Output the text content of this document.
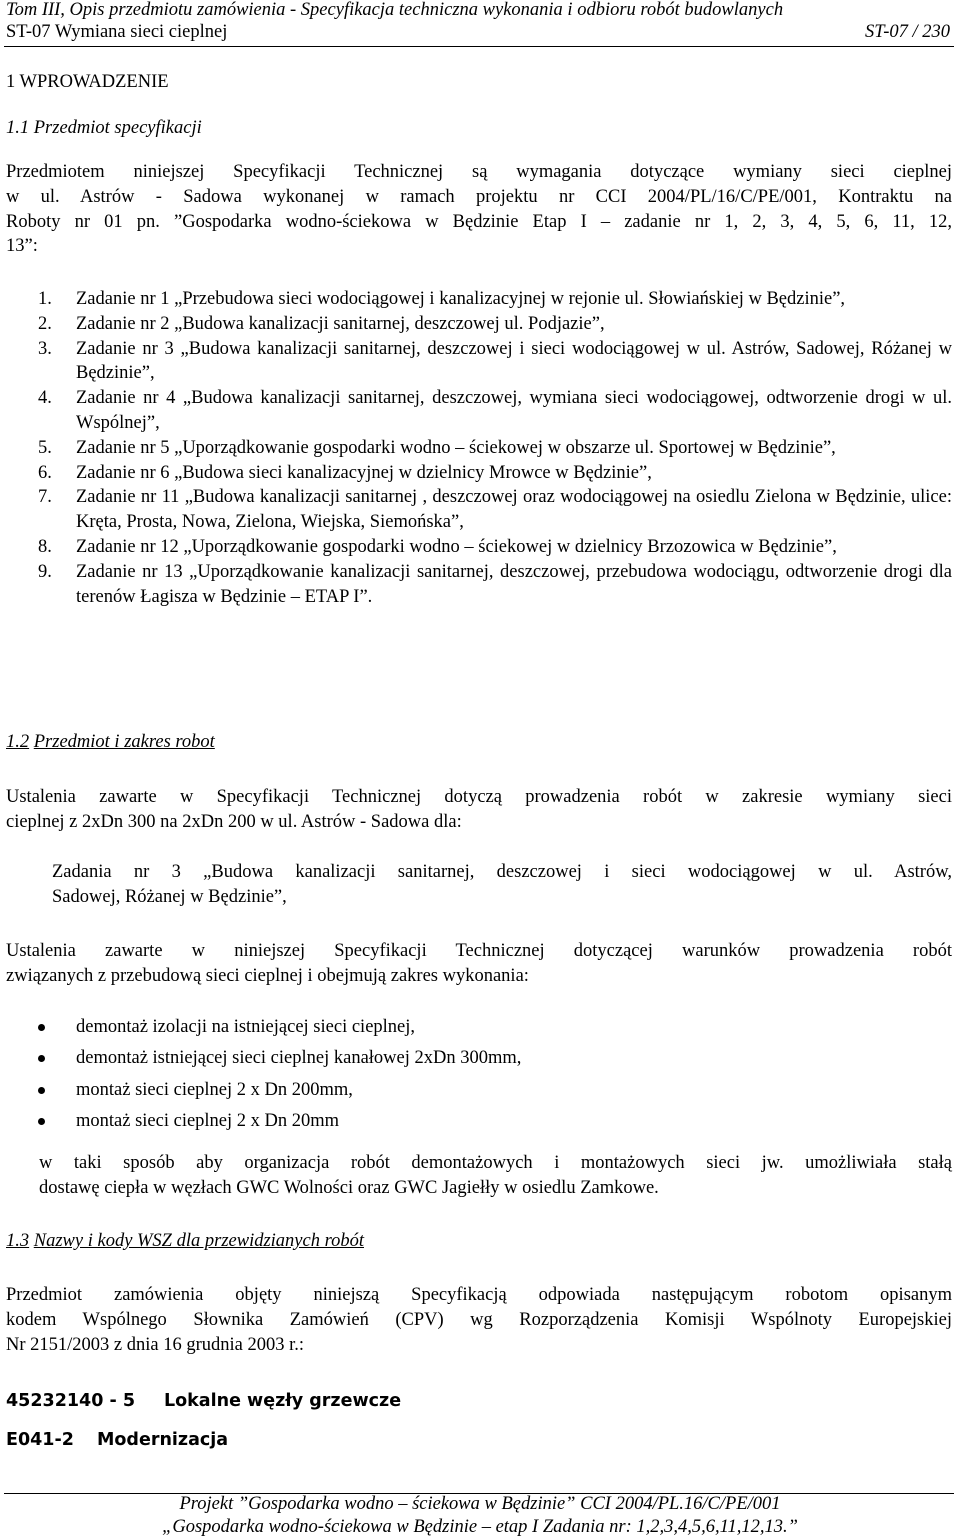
Tom III, Opis przedmiotu zamówienia - Specyfikacja techniczna wykonania i odbioru robót budowlanych
ST-07 Wymiana sieci cieplnej	ST-07 / 230
1 WPROWADZENIE
1.1 Przedmiot specyfikacji
Przedmiotem niniejszej Specyfikacji Technicznej są wymagania dotyczące wymiany sieci cieplnej
w ul. Astrów - Sadowa wykonanej w ramach projektu nr CCI 2004/PL/16/C/PE/001, Kontraktu na
Roboty nr 01 pn. ”Gospodarka wodno-ściekowa w Będzinie Etap I – zadanie nr 1, 2, 3, 4, 5, 6, 11, 12,
13”:
1. Zadanie nr 1 „Przebudowa sieci wodociągowej i kanalizacyjnej w rejonie ul. Słowiańskiej w Będzinie”,
2. Zadanie nr 2 „Budowa kanalizacji sanitarnej, deszczowej ul. Podjazie”,
3. Zadanie nr 3 „Budowa kanalizacji sanitarnej, deszczowej i sieci wodociągowej w ul. Astrów, Sadowej, Różanej w Będzinie”,
4. Zadanie nr 4 „Budowa kanalizacji sanitarnej, deszczowej, wymiana sieci wodociągowej, odtworzenie drogi w ul. Wspólnej”,
5. Zadanie nr 5 „Uporządkowanie gospodarki wodno – ściekowej w obszarze ul. Sportowej w Będzinie”,
6. Zadanie nr 6 „Budowa sieci kanalizacyjnej w dzielnicy Mrowce w Będzinie”,
7. Zadanie nr 11 „Budowa kanalizacji sanitarnej , deszczowej oraz wodociągowej na osiedlu Zielona w Będzinie, ulice: Kręta, Prosta, Nowa, Zielona, Wiejska, Siemońska”,
8. Zadanie nr 12 „Uporządkowanie gospodarki wodno – ściekowej w dzielnicy Brzozowica w Będzinie”,
9. Zadanie nr 13 „Uporządkowanie kanalizacji sanitarnej, deszczowej, przebudowa wodociągu, odtworzenie drogi dla terenów Łagisza w Będzinie – ETAP I”.
1.2 Przedmiot i zakres robot
Ustalenia zawarte w Specyfikacji Technicznej dotyczą prowadzenia robót w zakresie wymiany sieci
cieplnej z 2xDn 300 na 2xDn 200 w ul. Astrów - Sadowa dla:
Zadania nr 3 „Budowa kanalizacji sanitarnej, deszczowej i sieci wodociągowej w ul. Astrów,
Sadowej, Różanej w Będzinie”,
Ustalenia zawarte w niniejszej Specyfikacji Technicznej dotyczącej warunków prowadzenia robót
związanych z przebudową sieci cieplnej i obejmują zakres wykonania:
demontaż izolacji na istniejącej sieci cieplnej,
demontaż istniejącej sieci cieplnej kanałowej 2xDn 300mm,
montaż sieci cieplnej 2 x Dn 200mm,
montaż sieci cieplnej 2 x Dn 20mm
w taki sposób aby organizacja robót demontażowych i montażowych sieci jw. umożliwiała stałą
dostawę ciepła w węzłach GWC Wolności oraz GWC Jagiełły w osiedlu Zamkowe.
1.3 Nazwy i kody WSZ dla przewidzianych robót
Przedmiot zamówienia objęty niniejszą Specyfikacją odpowiada następującym robotom opisanym
kodem Wspólnego Słownika Zamówień (CPV) wg Rozporządzenia Komisji Wspólnoty Europejskiej
Nr 2151/2003 z dnia 16 grudnia 2003 r.:
45232140 - 5 Lokalne węzły grzewcze
E041-2 Modernizacja
Projekt ”Gospodarka wodno – ściekowa w Będzinie” CCI 2004/PL.16/C/PE/001
„Gospodarka wodno-ściekowa w Będzinie – etap I Zadania nr: 1,2,3,4,5,6,11,12,13.”
